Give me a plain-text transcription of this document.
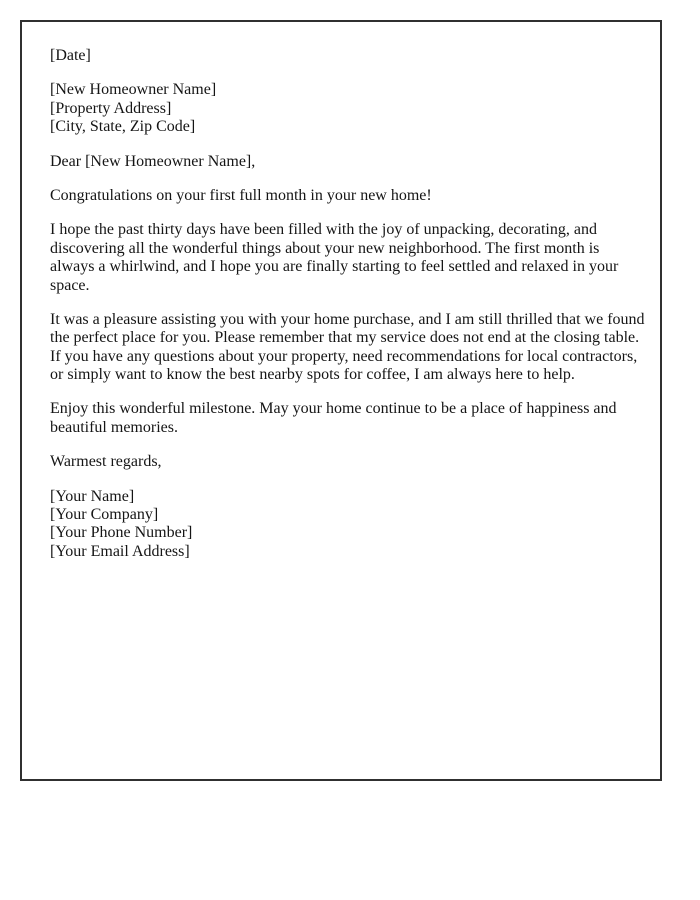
[Date]

[New Homeowner Name]
[Property Address]
[City, State, Zip Code]

Dear [New Homeowner Name],

Congratulations on your first full month in your new home!

I hope the past thirty days have been filled with the joy of unpacking, decorating, and discovering all the wonderful things about your new neighborhood. The first month is always a whirlwind, and I hope you are finally starting to feel settled and relaxed in your space.

It was a pleasure assisting you with your home purchase, and I am still thrilled that we found the perfect place for you. Please remember that my service does not end at the closing table. If you have any questions about your property, need recommendations for local contractors, or simply want to know the best nearby spots for coffee, I am always here to help.

Enjoy this wonderful milestone. May your home continue to be a place of happiness and beautiful memories.

Warmest regards,

[Your Name]
[Your Company]
[Your Phone Number]
[Your Email Address]
